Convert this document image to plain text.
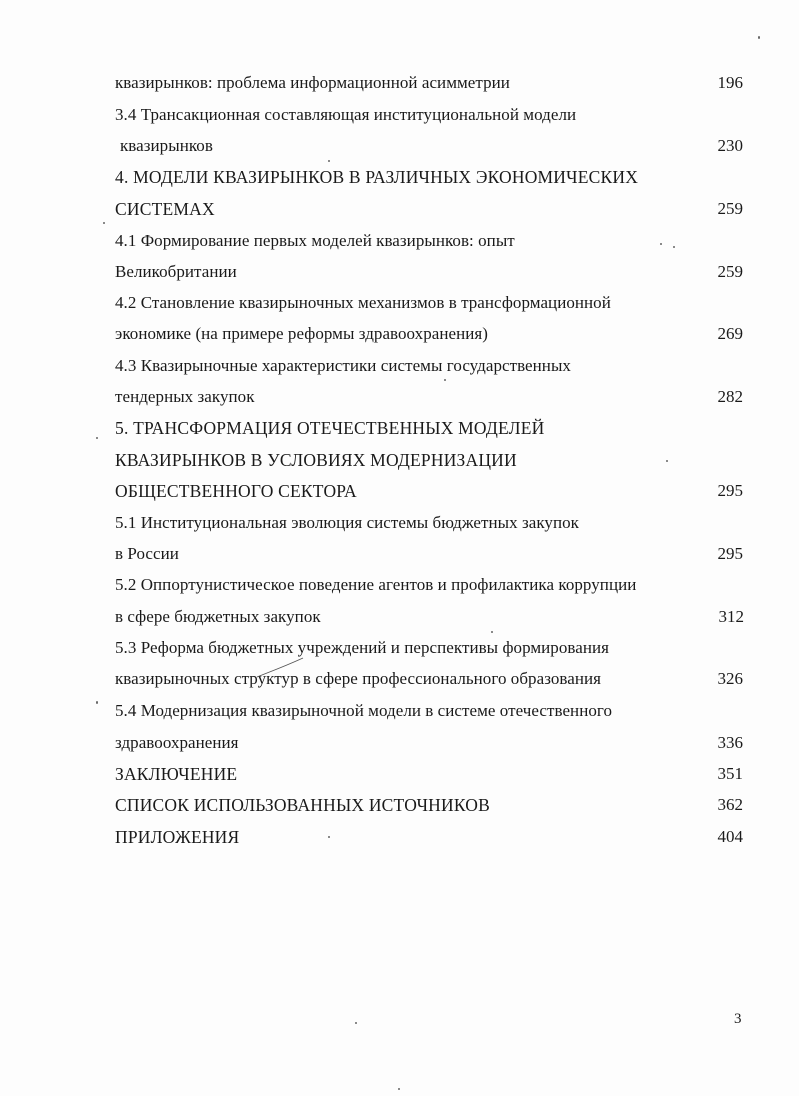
квазирынков: проблема информационной асимметрии
3.4 Трансакционная составляющая институциональной модели
квазирынков
4. МОДЕЛИ КВАЗИРЫНКОВ В РАЗЛИЧНЫХ ЭКОНОМИЧЕСКИХ
СИСТЕМАХ
4.1 Формирование первых моделей квазирынков: опыт
Великобритании
4.2 Становление квазирыночных механизмов в трансформационной
экономике (на примере реформы здравоохранения)
4.3 Квазирыночные характеристики системы государственных
тендерных закупок
5. ТРАНСФОРМАЦИЯ ОТЕЧЕСТВЕННЫХ МОДЕЛЕЙ
КВАЗИРЫНКОВ В УСЛОВИЯХ МОДЕРНИЗАЦИИ
ОБЩЕСТВЕННОГО СЕКТОРА
5.1 Институциональная эволюция системы бюджетных закупок
в России
5.2 Оппортунистическое поведение агентов и профилактика коррупции
в сфере бюджетных закупок
5.3 Реформа бюджетных учреждений и перспективы формирования
квазирыночных структур в сфере профессионального образования
5.4 Модернизация квазирыночной модели в системе отечественного
здравоохранения
ЗАКЛЮЧЕНИЕ
СПИСОК ИСПОЛЬЗОВАННЫХ ИСТОЧНИКОВ
ПРИЛОЖЕНИЯ
196
230
259
259
269
282
295
295
312
326
336
351
362
404
3
